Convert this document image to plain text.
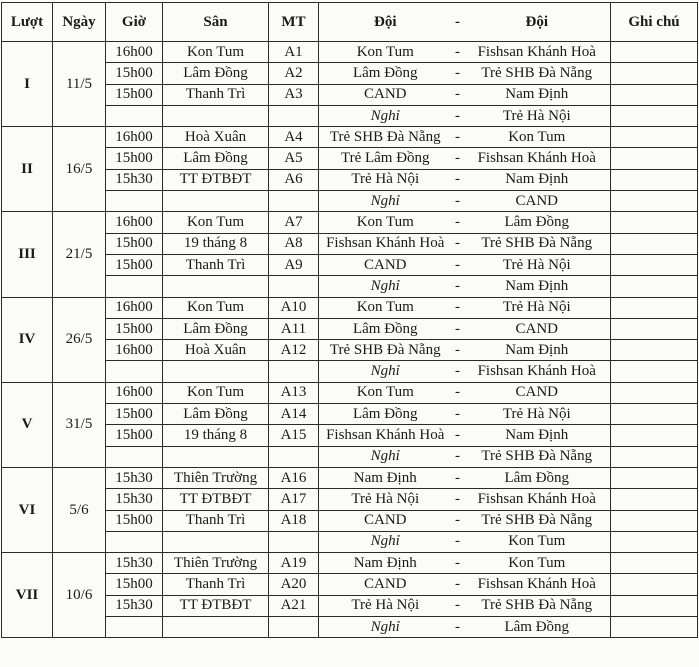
Lượt	Ngày	Giờ	Sân	MT	Đội	-	Đội	Ghi chú
I	11/5	16h00	Kon Tum	A1	Kon Tum	-	Fishsan Khánh Hoà	
		15h00	Lâm Đồng	A2	Lâm Đồng	-	Trẻ SHB Đà Nẵng	
		15h00	Thanh Trì	A3	CAND	-	Nam Định	
					Nghỉ	-	Trẻ Hà Nội	
II	16/5	16h00	Hoà Xuân	A4	Trẻ SHB Đà Nẵng	-	Kon Tum	
		15h00	Lâm Đồng	A5	Trẻ Lâm Đồng	-	Fishsan Khánh Hoà	
		15h30	TT ĐTBĐT	A6	Trẻ Hà Nội	-	Nam Định	
					Nghỉ	-	CAND	
III	21/5	16h00	Kon Tum	A7	Kon Tum	-	Lâm Đồng	
		15h00	19 tháng 8	A8	Fishsan Khánh Hoà	-	Trẻ SHB Đà Nẵng	
		15h00	Thanh Trì	A9	CAND	-	Trẻ Hà Nội	
					Nghỉ	-	Nam Định	
IV	26/5	16h00	Kon Tum	A10	Kon Tum	-	Trẻ Hà Nội	
		15h00	Lâm Đồng	A11	Lâm Đồng	-	CAND	
		16h00	Hoà Xuân	A12	Trẻ SHB Đà Nẵng	-	Nam Định	
					Nghỉ	-	Fishsan Khánh Hoà	
V	31/5	16h00	Kon Tum	A13	Kon Tum	-	CAND	
		15h00	Lâm Đồng	A14	Lâm Đồng	-	Trẻ Hà Nội	
		15h00	19 tháng 8	A15	Fishsan Khánh Hoà	-	Nam Định	
					Nghỉ	-	Trẻ SHB Đà Nẵng	
VI	5/6	15h30	Thiên Trường	A16	Nam Định	-	Lâm Đồng	
		15h30	TT ĐTBĐT	A17	Trẻ Hà Nội	-	Fishsan Khánh Hoà	
		15h00	Thanh Trì	A18	CAND	-	Trẻ SHB Đà Nẵng	
					Nghỉ	-	Kon Tum	
VII	10/6	15h30	Thiên Trường	A19	Nam Định	-	Kon Tum	
		15h00	Thanh Trì	A20	CAND	-	Fishsan Khánh Hoà	
		15h30	TT ĐTBĐT	A21	Trẻ Hà Nội	-	Trẻ SHB Đà Nẵng	
					Nghỉ	-	Lâm Đồng	
